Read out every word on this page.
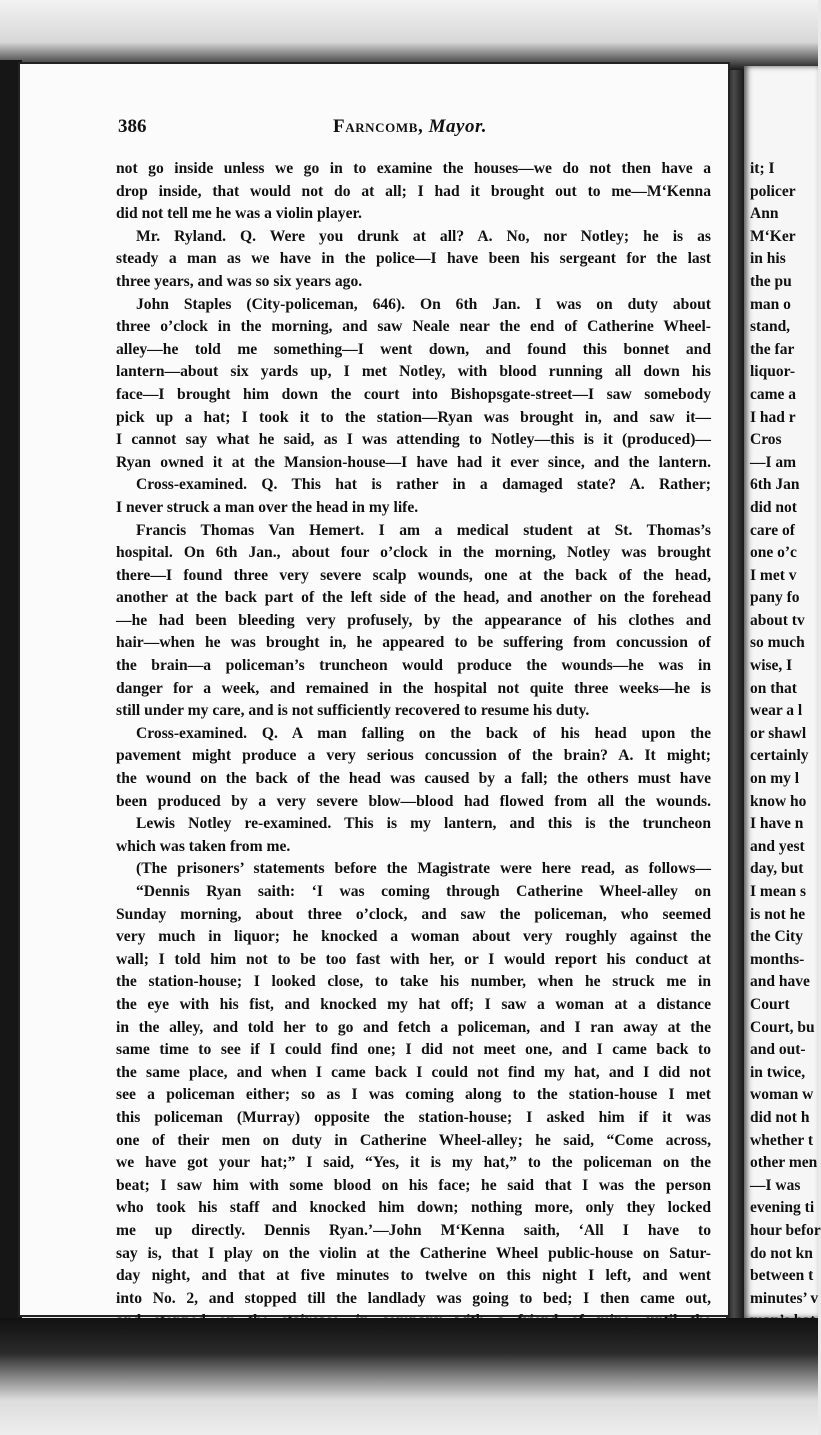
386	Farncomb, Mayor.
not go inside unless we go in to examine the houses—we do not then have a
drop inside, that would not do at all; I had it brought out to me—M‘Kenna
did not tell me he was a violin player.
Mr. Ryland. Q. Were you drunk at all? A. No, nor Notley; he is as
steady a man as we have in the police—I have been his sergeant for the last
three years, and was so six years ago.
John Staples (City-policeman, 646). On 6th Jan. I was on duty about
three o’clock in the morning, and saw Neale near the end of Catherine Wheel-
alley—he told me something—I went down, and found this bonnet and
lantern—about six yards up, I met Notley, with blood running all down his
face—I brought him down the court into Bishopsgate-street—I saw somebody
pick up a hat; I took it to the station—Ryan was brought in, and saw it—
I cannot say what he said, as I was attending to Notley—this is it (produced)—
Ryan owned it at the Mansion-house—I have had it ever since, and the lantern.
Cross-examined. Q. This hat is rather in a damaged state? A. Rather;
I never struck a man over the head in my life.
Francis Thomas Van Hemert. I am a medical student at St. Thomas’s
hospital. On 6th Jan., about four o’clock in the morning, Notley was brought
there—I found three very severe scalp wounds, one at the back of the head,
another at the back part of the left side of the head, and another on the forehead
—he had been bleeding very profusely, by the appearance of his clothes and
hair—when he was brought in, he appeared to be suffering from concussion of
the brain—a policeman’s truncheon would produce the wounds—he was in
danger for a week, and remained in the hospital not quite three weeks—he is
still under my care, and is not sufficiently recovered to resume his duty.
Cross-examined. Q. A man falling on the back of his head upon the
pavement might produce a very serious concussion of the brain? A. It might;
the wound on the back of the head was caused by a fall; the others must have
been produced by a very severe blow—blood had flowed from all the wounds.
Lewis Notley re-examined. This is my lantern, and this is the truncheon
which was taken from me.
(The prisoners’ statements before the Magistrate were here read, as follows—
“Dennis Ryan saith: ‘I was coming through Catherine Wheel-alley on
Sunday morning, about three o’clock, and saw the policeman, who seemed
very much in liquor; he knocked a woman about very roughly against the
wall; I told him not to be too fast with her, or I would report his conduct at
the station-house; I looked close, to take his number, when he struck me in
the eye with his fist, and knocked my hat off; I saw a woman at a distance
in the alley, and told her to go and fetch a policeman, and I ran away at the
same time to see if I could find one; I did not meet one, and I came back to
the same place, and when I came back I could not find my hat, and I did not
see a policeman either; so as I was coming along to the station-house I met
this policeman (Murray) opposite the station-house; I asked him if it was
one of their men on duty in Catherine Wheel-alley; he said, “Come across,
we have got your hat;” I said, “Yes, it is my hat,” to the policeman on the
beat; I saw him with some blood on his face; he said that I was the person
who took his staff and knocked him down; nothing more, only they locked
me up directly. Dennis Ryan.’—John M‘Kenna saith, ‘All I have to
say is, that I play on the violin at the Catherine Wheel public-house on Satur-
day night, and that at five minutes to twelve on this night I left, and went
into No. 2, and stopped till the landlady was going to bed; I then came out,
it; I
policer
Ann
M‘Ker
in his
the pu
man o
stand,
the far
liquor-
came a
I had r
Cros
—I am
6th Jan
did not
care of
one o’c
I met v
pany fo
about tv
so much
wise, I
on that
wear a l
or shawl
certainly
on my l
know ho
I have n
and yest
day, but
I mean s
is not he
the City
months-
and have
Court
Court, bu
and out-
in twice,
woman w
did not h
whether t
other men
—I was
evening ti
hour befor
do not kn
between t
minutes’ v
